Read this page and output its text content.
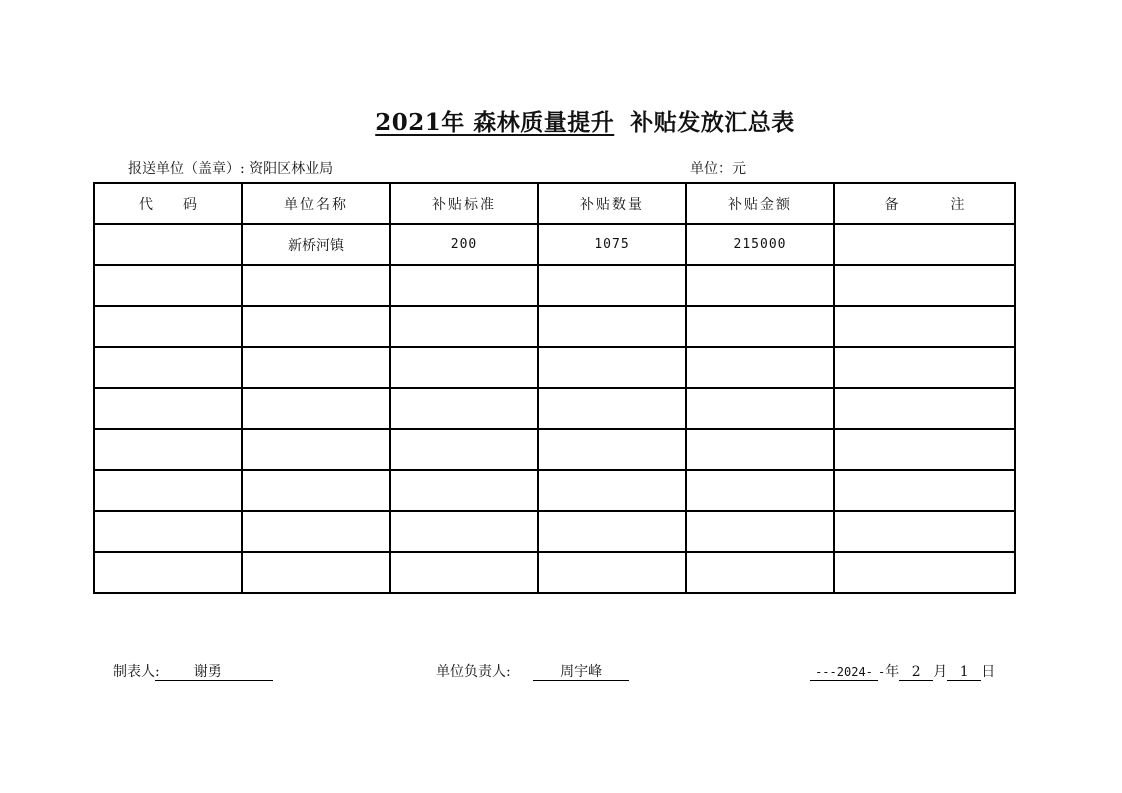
2021年 森林质量提升 补贴发放汇总表
报送单位（盖章）: 资阳区林业局	单位：元
代 码	单位名称	补贴标准	补贴数量	补贴金额	备 注
	新桥河镇	200	1075	215000	

制表人: 谢勇	单位负责人:	周宇峰	---2024- -年 2 月 1 日
